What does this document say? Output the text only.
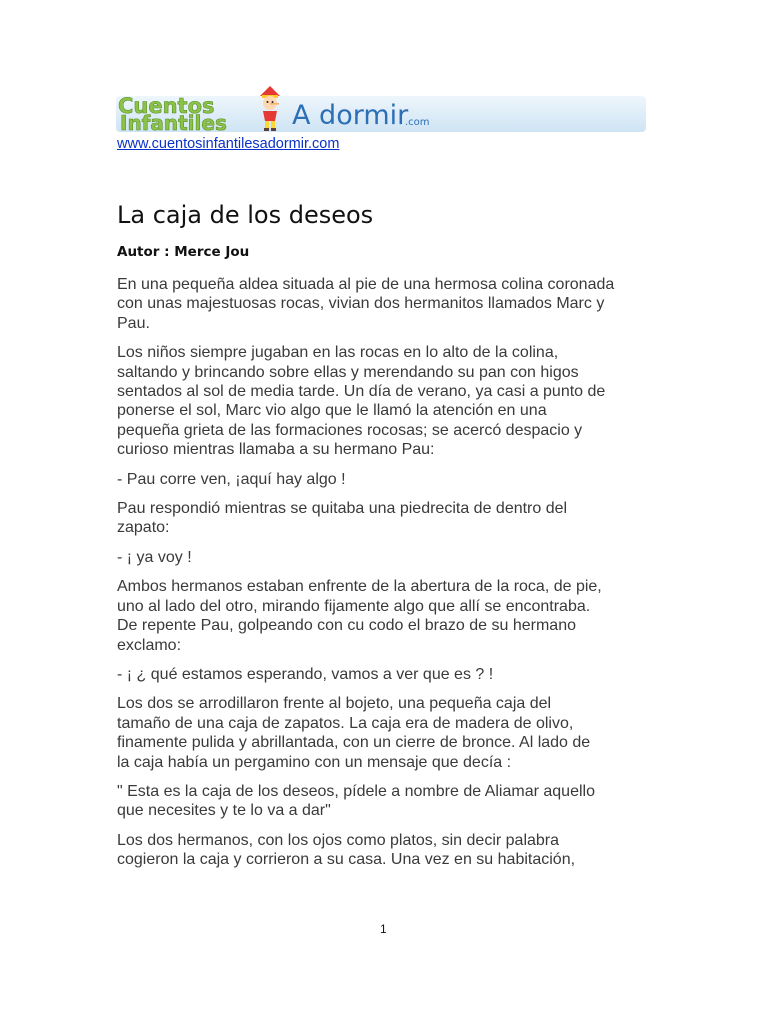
Cuentos
Infantiles A dormir
.com
www.cuentosinfantilesadormir.com
La caja de los deseos
Autor : Merce Jou

En una pequeña aldea situada al pie de una hermosa colina coronada
con unas majestuosas rocas, vivian dos hermanitos llamados Marc y
Pau.

Los niños siempre jugaban en las rocas en lo alto de la colina,
saltando y brincando sobre ellas y merendando su pan con higos
sentados al sol de media tarde. Un día de verano, ya casi a punto de
ponerse el sol, Marc vio algo que le llamó la atención en una
pequeña grieta de las formaciones rocosas; se acercó despacio y
curioso mientras llamaba a su hermano Pau:

- Pau corre ven, ¡aquí hay algo !

Pau respondió mientras se quitaba una piedrecita de dentro del
zapato:

- ¡ ya voy !

Ambos hermanos estaban enfrente de la abertura de la roca, de pie,
uno al lado del otro, mirando fijamente algo que allí se encontraba.
De repente Pau, golpeando con cu codo el brazo de su hermano
exclamo:

- ¡ ¿ qué estamos esperando, vamos a ver que es ? !

Los dos se arrodillaron frente al bojeto, una pequeña caja del
tamaño de una caja de zapatos. La caja era de madera de olivo,
finamente pulida y abrillantada, con un cierre de bronce. Al lado de
la caja había un pergamino con un mensaje que decía :

" Esta es la caja de los deseos, pídele a nombre de Aliamar aquello
que necesites y te lo va a dar"

Los dos hermanos, con los ojos como platos, sin decir palabra
cogieron la caja y corrieron a su casa. Una vez en su habitación,

1
